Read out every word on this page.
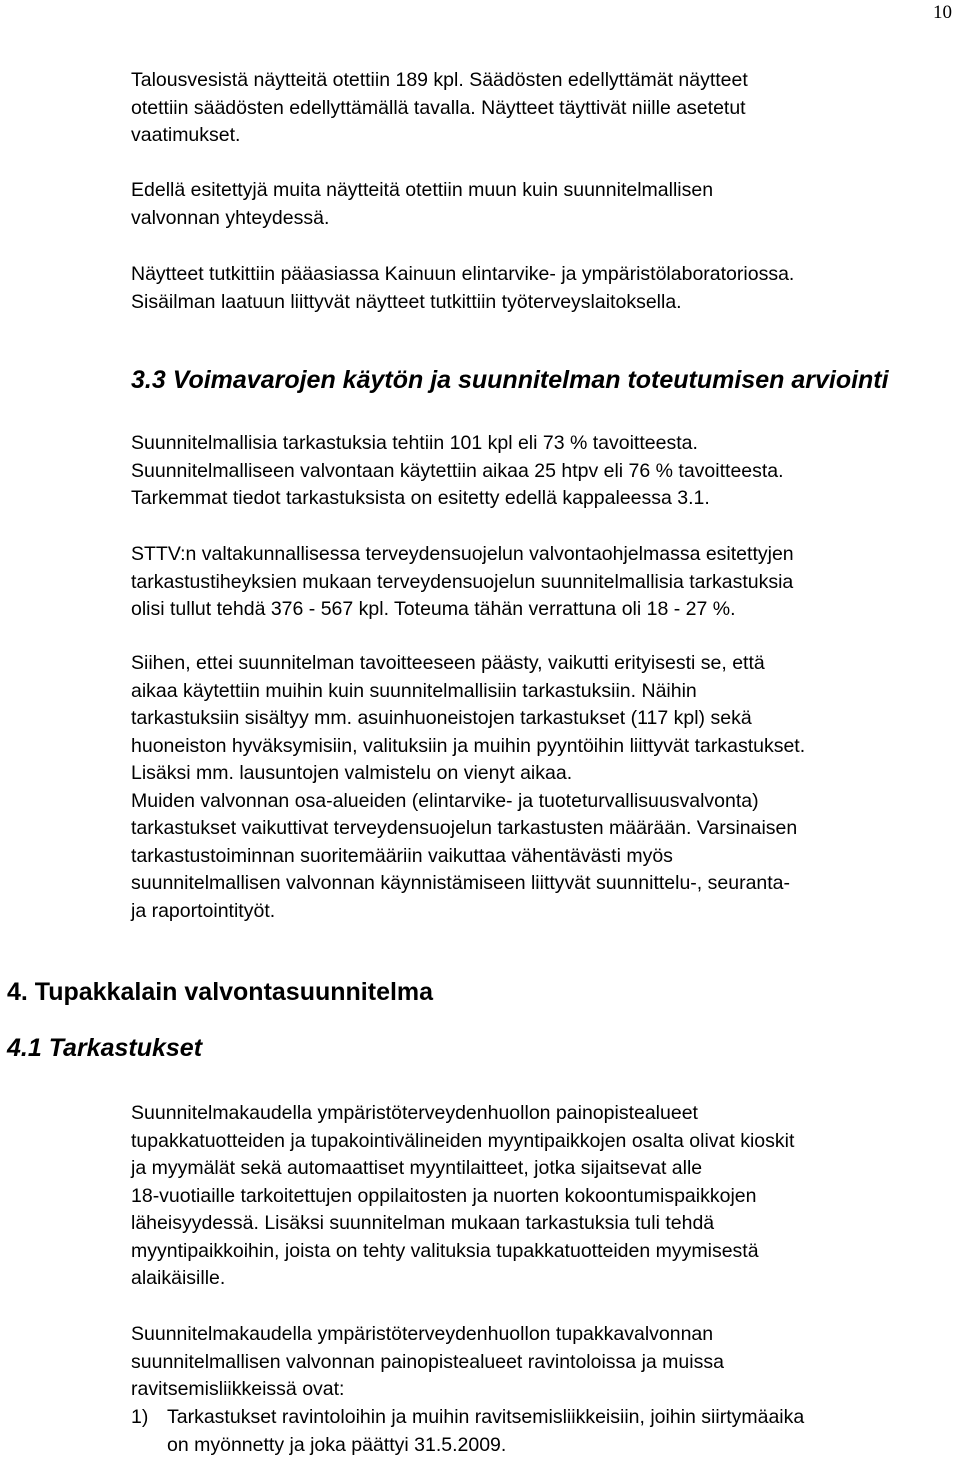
10

Talousvesistä näytteitä otettiin 189 kpl. Säädösten edellyttämät näytteet
otettiin säädösten edellyttämällä tavalla. Näytteet täyttivät niille asetetut
vaatimukset.

Edellä esitettyjä muita näytteitä otettiin muun kuin suunnitelmallisen
valvonnan yhteydessä.

Näytteet tutkittiin pääasiassa Kainuun elintarvike- ja ympäristölaboratoriossa.
Sisäilman laatuun liittyvät näytteet tutkittiin työterveyslaitoksella.

3.3 Voimavarojen käytön ja suunnitelman toteutumisen arviointi

Suunnitelmallisia tarkastuksia tehtiin 101 kpl eli 73 % tavoitteesta.
Suunnitelmalliseen valvontaan käytettiin aikaa 25 htpv eli 76 % tavoitteesta.
Tarkemmat tiedot tarkastuksista on esitetty edellä kappaleessa 3.1.

STTV:n valtakunnallisessa terveydensuojelun valvontaohjelmassa esitettyjen
tarkastustiheyksien mukaan terveydensuojelun suunnitelmallisia tarkastuksia
olisi tullut tehdä 376 - 567 kpl. Toteuma tähän verrattuna oli 18 - 27 %.

Siihen, ettei suunnitelman tavoitteeseen päästy, vaikutti erityisesti se, että
aikaa käytettiin muihin kuin suunnitelmallisiin tarkastuksiin. Näihin
tarkastuksiin sisältyy mm. asuinhuoneistojen tarkastukset (117 kpl) sekä
huoneiston hyväksymisiin, valituksiin ja muihin pyyntöihin liittyvät tarkastukset.
Lisäksi mm. lausuntojen valmistelu on vienyt aikaa.
Muiden valvonnan osa-alueiden (elintarvike- ja tuoteturvallisuusvalvonta)
tarkastukset vaikuttivat terveydensuojelun tarkastusten määrään. Varsinaisen
tarkastustoiminnan suoritemääriin vaikuttaa vähentävästi myös
suunnitelmallisen valvonnan käynnistämiseen liittyvät suunnittelu-, seuranta-
ja raportointityöt.

4. Tupakkalain valvontasuunnitelma
4.1 Tarkastukset

Suunnitelmakaudella ympäristöterveydenhuollon painopistealueet
tupakkatuotteiden ja tupakointivälineiden myyntipaikkojen osalta olivat kioskit
ja myymälät sekä automaattiset myyntilaitteet, jotka sijaitsevat alle
18-vuotiaille tarkoitettujen oppilaitosten ja nuorten kokoontumispaikkojen
läheisyydessä. Lisäksi suunnitelman mukaan tarkastuksia tuli tehdä
myyntipaikkoihin, joista on tehty valituksia tupakkatuotteiden myymisestä
alaikäisille.

Suunnitelmakaudella ympäristöterveydenhuollon tupakkavalvonnan
suunnitelmallisen valvonnan painopistealueet ravintoloissa ja muissa
ravitsemisliikkeissä ovat:

1) Tarkastukset ravintoloihin ja muihin ravitsemisliikkeisiin, joihin siirtymäaika
on myönnetty ja joka päättyi 31.5.2009.
